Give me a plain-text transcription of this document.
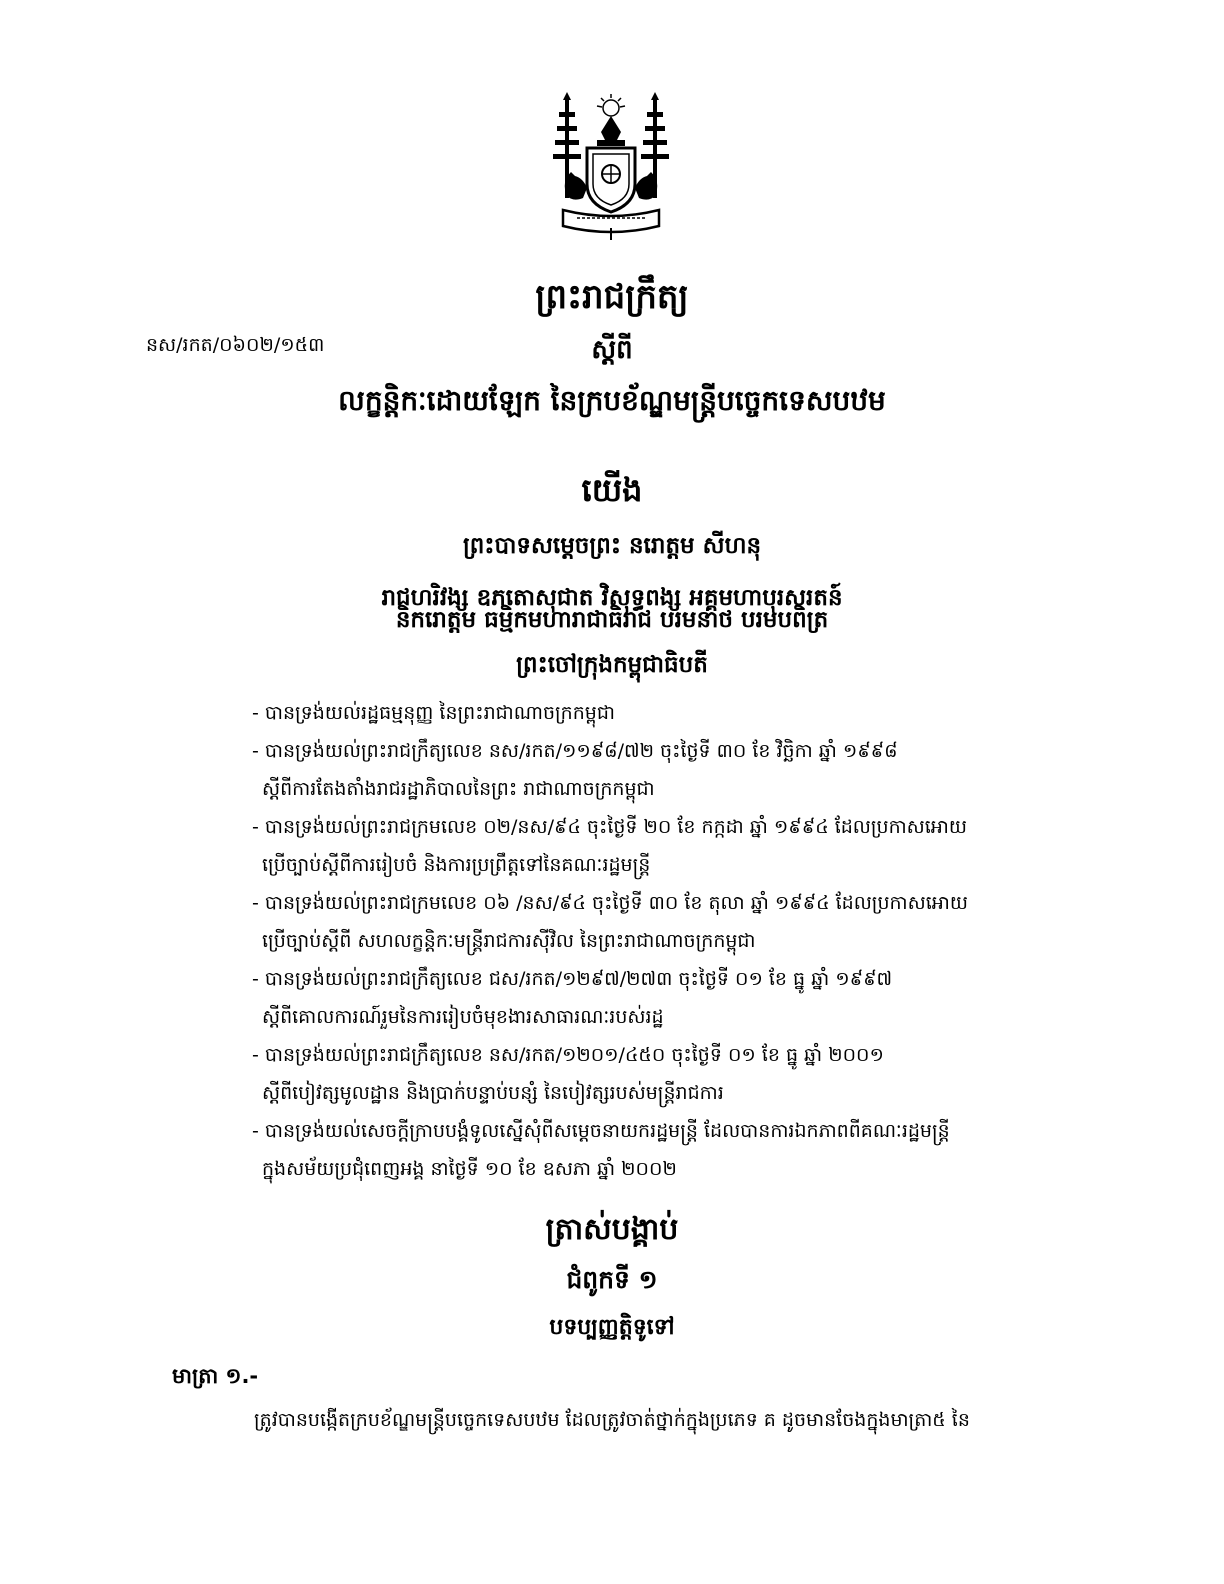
ព្រះរាជក្រឹត្យ
នស/រកត/០៦០២/១៥៣	ស្ដីពី
លក្ខន្តិកៈដោយឡែក នៃក្របខ័ណ្ឌមន្ត្រីបច្ចេកទេសបឋម
យើង
ព្រះបាទសម្ដេចព្រះ នរោត្តម សីហនុ
រាជហរិវង្ស ឧភតោសុជាត វិសុទ្ធពង្ស អគ្គមហាបុរសរតន៍
និករោត្តម ធម្មិកមហារាជាធិរាជ បរមនាថ បរមបពិត្រ
ព្រះចៅក្រុងកម្ពុជាធិបតី

- បានទ្រង់យល់រដ្ឋធម្មនុញ្ញ នៃព្រះរាជាណាចក្រកម្ពុជា

- បានទ្រង់យល់ព្រះរាជក្រឹត្យលេខ នស/រកត/១១៩៨/៧២ ចុះថ្ងៃទី ៣០ ខែ វិច្ឆិកា ឆ្នាំ ១៩៩៨
ស្ដីពីការតែងតាំងរាជរដ្ឋាភិបាលនៃព្រះ រាជាណាចក្រកម្ពុជា

- បានទ្រង់យល់ព្រះរាជក្រមលេខ ០២/នស/៩៤ ចុះថ្ងៃទី ២០ ខែ កក្កដា ឆ្នាំ ១៩៩៤ ដែលប្រកាសអោយ
ប្រើច្បាប់ស្ដីពីការរៀបចំ និងការប្រព្រឹត្តទៅនៃគណៈរដ្ឋមន្ត្រី

- បានទ្រង់យល់ព្រះរាជក្រមលេខ ០៦ /នស/៩៤ ចុះថ្ងៃទី ៣០ ខែ តុលា ឆ្នាំ ១៩៩៤ ដែលប្រកាសអោយ
ប្រើច្បាប់ស្ដីពី សហលក្ខន្តិកៈមន្ត្រីរាជការស៊ីវិល នៃព្រះរាជាណាចក្រកម្ពុជា

- បានទ្រង់យល់ព្រះរាជក្រឹត្យលេខ ជស/រកត/១២៩៧/២៧៣ ចុះថ្ងៃទី ០១ ខែ ធ្នូ ឆ្នាំ ១៩៩៧
ស្ដីពីគោលការណ៍រួមនៃការរៀបចំមុខងារសាធារណៈរបស់រដ្ឋ

- បានទ្រង់យល់ព្រះរាជក្រឹត្យលេខ នស/រកត/១២០១/៤៥០ ចុះថ្ងៃទី ០១ ខែ ធ្នូ ឆ្នាំ ២០០១
ស្ដីពីបៀវត្សមូលដ្ឋាន និងប្រាក់បន្ទាប់បន្សំ នៃបៀវត្សរបស់មន្ត្រីរាជការ

- បានទ្រង់យល់សេចក្ដីក្រាបបង្គំទូលស្នើសុំពីសម្ដេចនាយករដ្ឋមន្ត្រី ដែលបានការឯកភាពពីគណៈរដ្ឋមន្ត្រី
ក្នុងសម័យប្រជុំពេញអង្គ នាថ្ងៃទី ១០ ខែ ឧសភា ឆ្នាំ ២០០២

ត្រាស់បង្គាប់
ជំពូកទី ១
បទប្បញ្ញត្តិទូទៅ
មាត្រា ១.-
ត្រូវបានបង្កើតក្របខ័ណ្ឌមន្ត្រីបច្ចេកទេសបឋម ដែលត្រូវចាត់ថ្នាក់ក្នុងប្រភេទ គ ដូចមានចែងក្នុងមាត្រា៥ នៃ
